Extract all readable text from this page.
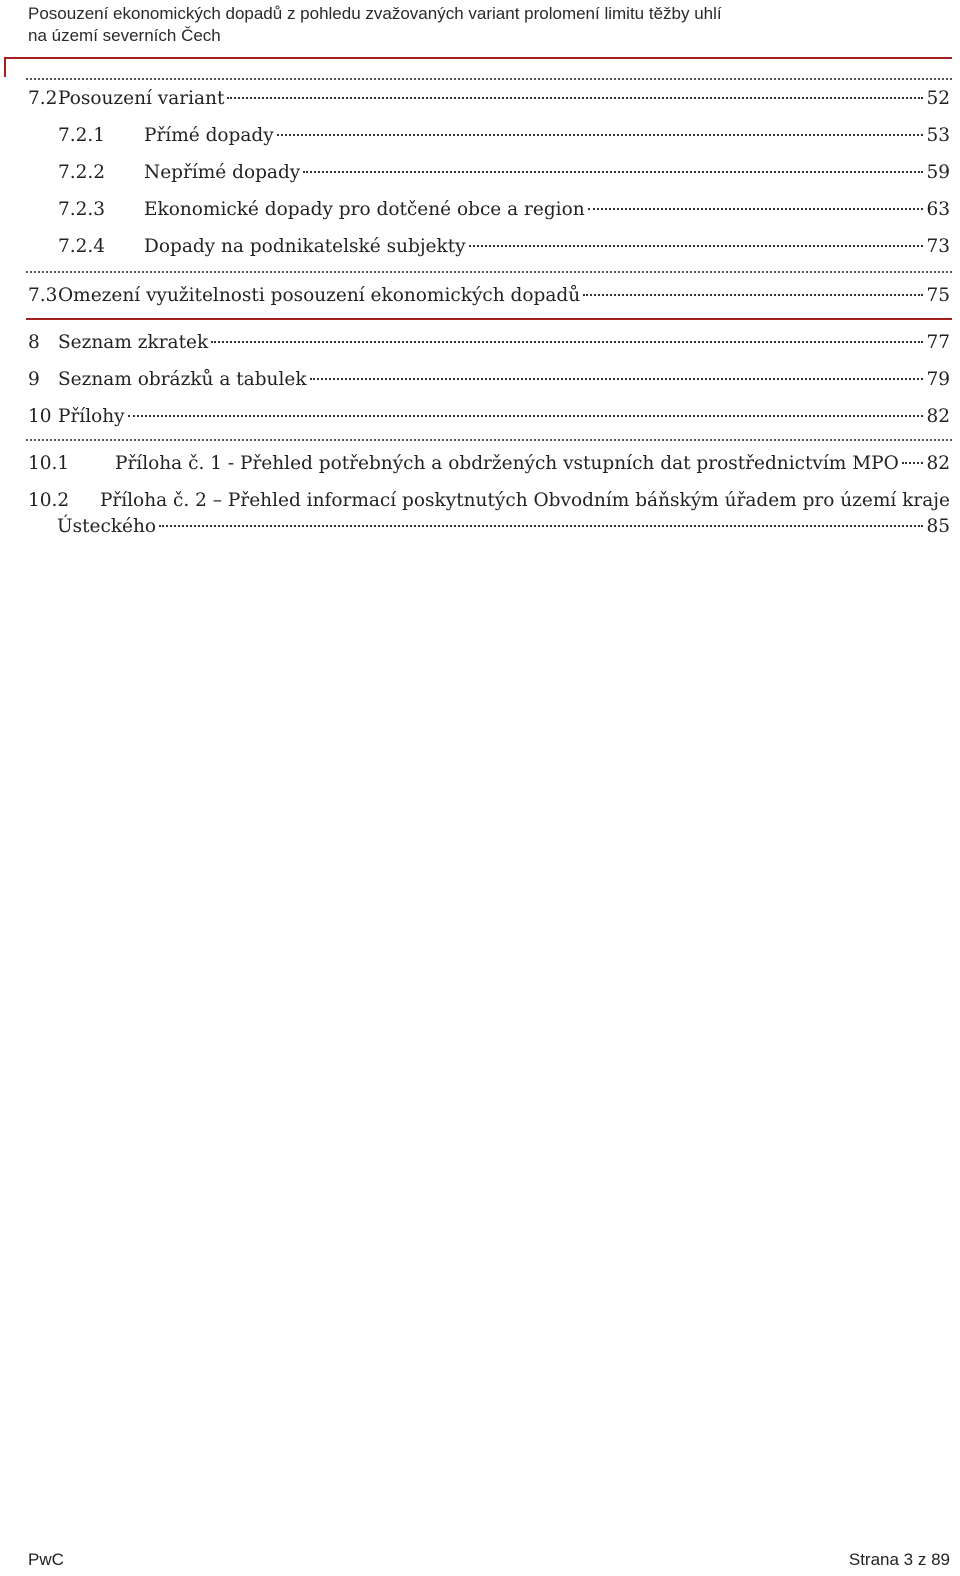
Posouzení ekonomických dopadů z pohledu zvažovaných variant prolomení limitu těžby uhlí
na území severních Čech
7.2 Posouzení variant	52
7.2.1	Přímé dopady	53
7.2.2	Nepřímé dopady	59
7.2.3	Ekonomické dopady pro dotčené obce a region	63
7.2.4	Dopady na podnikatelské subjekty	73
7.3 Omezení využitelnosti posouzení ekonomických dopadů	75
8 Seznam zkratek	77
9 Seznam obrázků a tabulek	79
10 Přílohy	82
10.1	Příloha č. 1 - Přehled potřebných a obdržených vstupních dat prostřednictvím MPO 82
10.2	Příloha č. 2 – Přehled informací poskytnutých Obvodním báňským úřadem pro území kraje
Ústeckého	85
PwC	Strana 3 z 89
